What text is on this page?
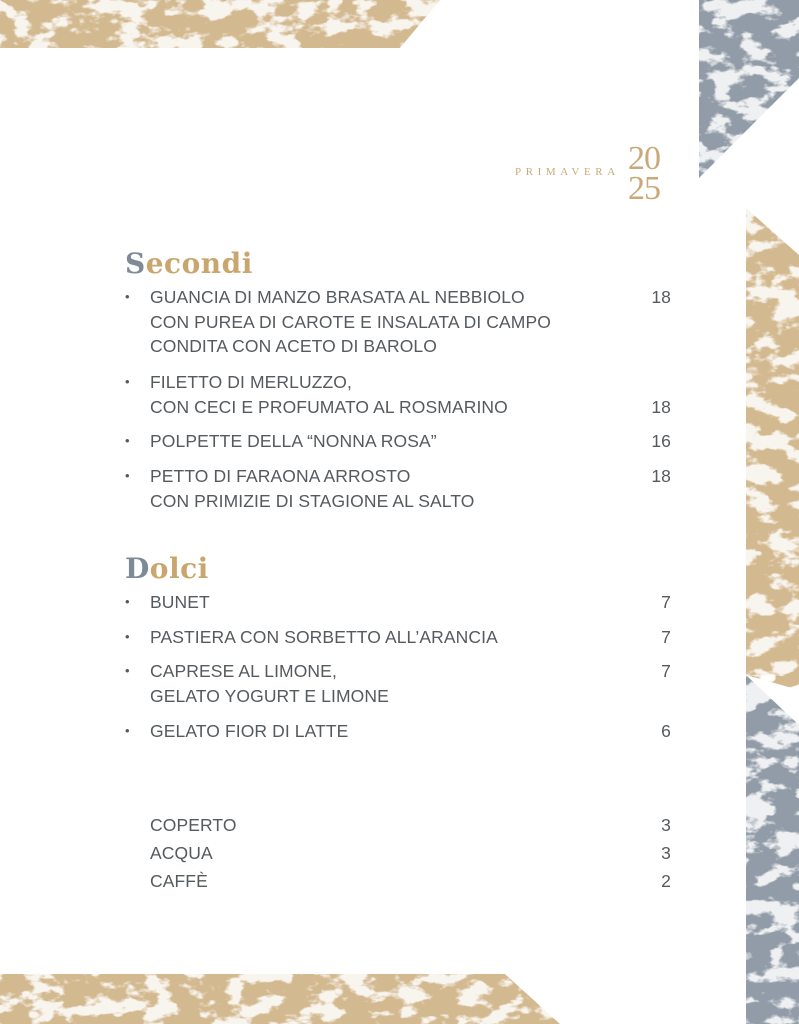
PRIMAVERA 20
25
Secondi
•	GUANCIA DI MANZO BRASATA AL NEBBIOLO
CON PUREA DI CAROTE E INSALATA DI CAMPO
CONDITA CON ACETO DI BAROLO
18
•	FILETTO DI MERLUZZO,
CON CECI E PROFUMATO AL ROSMARINO	18
•	POLPETTE DELLA “NONNA ROSA”	16
•	PETTO DI FARAONA ARROSTO
CON PRIMIZIE DI STAGIONE AL SALTO
18
Dolci
•	BUNET	7
•	PASTIERA CON SORBETTO ALL’ARANCIA	7
•	CAPRESE AL LIMONE,
GELATO YOGURT E LIMONE
7
•	GELATO FIOR DI LATTE	6
COPERTO	3
ACQUA	3
CAFFÈ	2
